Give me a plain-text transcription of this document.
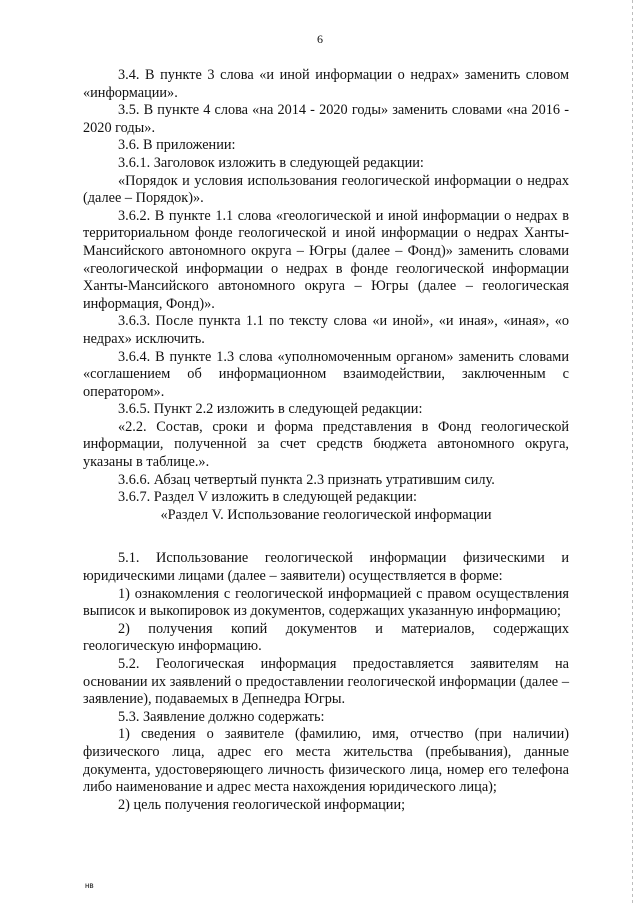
6

3.4. В пункте 3 слова «и иной информации о недрах» заменить словом «информации».

3.5. В пункте 4 слова «на 2014 - 2020 годы» заменить словами «на 2016 - 2020 годы».

3.6. В приложении:

3.6.1. Заголовок изложить в следующей редакции:

«Порядок и условия использования геологической информации о недрах (далее – Порядок)».

3.6.2. В пункте 1.1 слова «геологической и иной информации о недрах в территориальном фонде геологической и иной информации о недрах Ханты-Мансийского автономного округа – Югры (далее – Фонд)» заменить словами «геологической информации о недрах в фонде геологической информации Ханты-Мансийского автономного округа – Югры (далее – геологическая информация, Фонд)».

3.6.3. После пункта 1.1 по тексту слова «и иной», «и иная», «иная», «о недрах» исключить.

3.6.4. В пункте 1.3 слова «уполномоченным органом» заменить словами «соглашением об информационном взаимодействии, заключенным с оператором».

3.6.5. Пункт 2.2 изложить в следующей редакции:

«2.2. Состав, сроки и форма представления в Фонд геологической информации, полученной за счет средств бюджета автономного округа, указаны в таблице.».

3.6.6. Абзац четвертый пункта 2.3 признать утратившим силу.

3.6.7. Раздел V изложить в следующей редакции:

«Раздел V. Использование геологической информации

5.1. Использование геологической информации физическими и юридическими лицами (далее – заявители) осуществляется в форме:

1) ознакомления с геологической информацией с правом осуществления выписок и выкопировок из документов, содержащих указанную информацию;

2) получения копий документов и материалов, содержащих геологическую информацию.

5.2. Геологическая информация предоставляется заявителям на основании их заявлений о предоставлении геологической информации (далее – заявление), подаваемых в Депнедра Югры.

5.3. Заявление должно содержать:

1) сведения о заявителе (фамилию, имя, отчество (при наличии) физического лица, адрес его места жительства (пребывания), данные документа, удостоверяющего личность физического лица, номер его телефона либо наименование и адрес места нахождения юридического лица);

2) цель получения геологической информации;

нв
